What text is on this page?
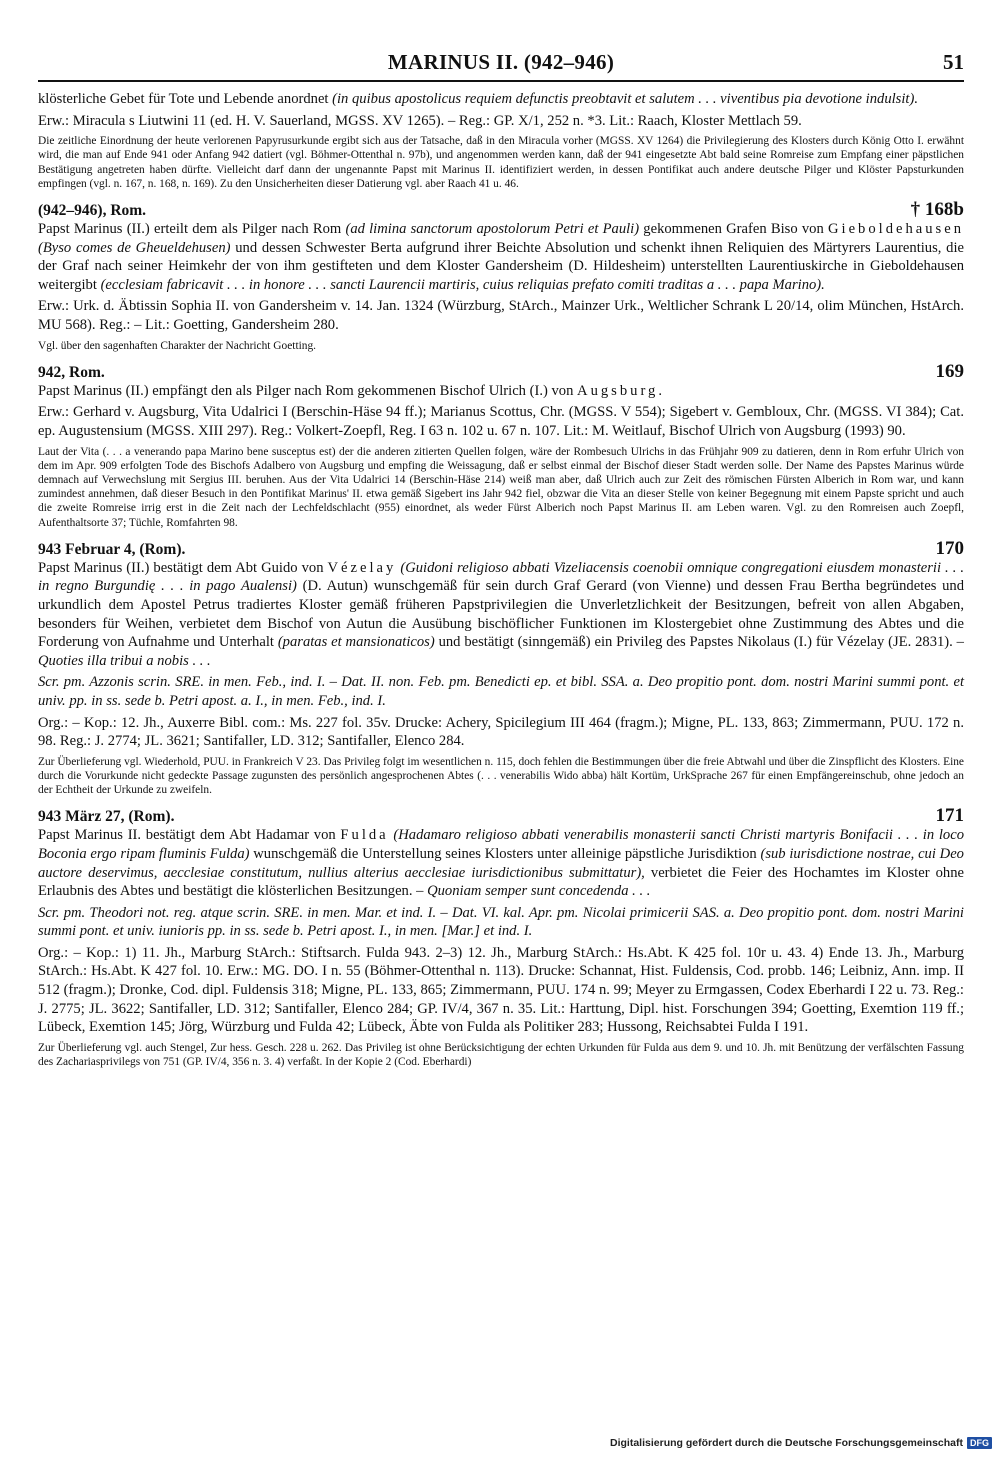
MARINUS II. (942–946)	51

klösterliche Gebet für Tote und Lebende anordnet (in quibus apostolicus requiem defunctis preobtavit et salutem . . . viventibus pia devotione indulsit).

Erw.: Miracula s Liutwini 11 (ed. H. V. Sauerland, MGSS. XV 1265). – Reg.: GP. X/1, 252 n. *3. Lit.: Raach, Kloster Mettlach 59.

Die zeitliche Einordnung der heute verlorenen Papyrusurkunde ergibt sich aus der Tatsache, daß in den Miracula vorher (MGSS. XV 1264) die Privilegierung des Klosters durch König Otto I. erwähnt wird, die man auf Ende 941 oder Anfang 942 datiert (vgl. Böhmer-Ottenthal n. 97b), und angenommen werden kann, daß der 941 eingesetzte Abt bald seine Romreise zum Empfang einer päpstlichen Bestätigung angetreten haben dürfte. Vielleicht darf dann der ungenannte Papst mit Marinus II. identifiziert werden, in dessen Pontifikat auch andere deutsche Pilger und Klöster Papsturkunden empfingen (vgl. n. 167, n. 168, n. 169). Zu den Unsicherheiten dieser Datierung vgl. aber Raach 41 u. 46.

(942–946), Rom.	† 168b

Papst Marinus (II.) erteilt dem als Pilger nach Rom (ad limina sanctorum apostolorum Petri et Pauli) gekommenen Grafen Biso von Gieboldehausen (Byso comes de Gheueldehusen) und dessen Schwester Berta aufgrund ihrer Beichte Absolution und schenkt ihnen Reliquien des Märtyrers Laurentius, die der Graf nach seiner Heimkehr der von ihm gestifteten und dem Kloster Gandersheim (D. Hildesheim) unterstellten Laurentiuskirche in Gieboldehausen weitergibt (ecclesiam fabricavit . . . in honore . . . sancti Laurencii martiris, cuius reliquias prefato comiti traditas a . . . papa Marino).

Erw.: Urk. d. Äbtissin Sophia II. von Gandersheim v. 14. Jan. 1324 (Würzburg, StArch., Mainzer Urk., Weltlicher Schrank L 20/14, olim München, HstArch. MU 568). Reg.: – Lit.: Goetting, Gandersheim 280.

Vgl. über den sagenhaften Charakter der Nachricht Goetting.

942, Rom.	169

Papst Marinus (II.) empfängt den als Pilger nach Rom gekommenen Bischof Ulrich (I.) von Augsburg.

Erw.: Gerhard v. Augsburg, Vita Udalrici I (Berschin-Häse 94 ff.); Marianus Scottus, Chr. (MGSS. V 554); Sigebert v. Gembloux, Chr. (MGSS. VI 384); Cat. ep. Augustensium (MGSS. XIII 297). Reg.: Volkert-Zoepfl, Reg. I 63 n. 102 u. 67 n. 107. Lit.: M. Weitlauf, Bischof Ulrich von Augsburg (1993) 90.

Laut der Vita (. . . a venerando papa Marino bene susceptus est) der die anderen zitierten Quellen folgen, wäre der Rombesuch Ulrichs in das Frühjahr 909 zu datieren, denn in Rom erfuhr Ulrich von dem im Apr. 909 erfolgten Tode des Bischofs Adalbero von Augsburg und empfing die Weissagung, daß er selbst einmal der Bischof dieser Stadt werden solle. Der Name des Papstes Marinus würde demnach auf Verwechslung mit Sergius III. beruhen. Aus der Vita Udalrici 14 (Berschin-Häse 214) weiß man aber, daß Ulrich auch zur Zeit des römischen Fürsten Alberich in Rom war, und kann zumindest annehmen, daß dieser Besuch in den Pontifikat Marinus' II. etwa gemäß Sigebert ins Jahr 942 fiel, obzwar die Vita an dieser Stelle von keiner Begegnung mit einem Papste spricht und auch die zweite Romreise irrig erst in die Zeit nach der Lechfeldschlacht (955) einordnet, als weder Fürst Alberich noch Papst Marinus II. am Leben waren. Vgl. zu den Romreisen auch Zoepfl, Aufenthaltsorte 37; Tüchle, Romfahrten 98.

943 Februar 4, (Rom).	170

Papst Marinus (II.) bestätigt dem Abt Guido von Vézelay (Guidoni religioso abbati Vizeliacensis coenobii omnique congregationi eiusdem monasterii . . . in regno Burgundię . . . in pago Aualensi) (D. Autun) wunschgemäß für sein durch Graf Gerard (von Vienne) und dessen Frau Bertha begründetes und urkundlich dem Apostel Petrus tradiertes Kloster gemäß früheren Papstprivilegien die Unverletzlichkeit der Besitzungen, befreit von allen Abgaben, besonders für Weihen, verbietet dem Bischof von Autun die Ausübung bischöflicher Funktionen im Klostergebiet ohne Zustimmung des Abtes und die Forderung von Aufnahme und Unterhalt (paratas et mansionaticos) und bestätigt (sinngemäß) ein Privileg des Papstes Nikolaus (I.) für Vézelay (JE. 2831). – Quoties illa tribui a nobis . . .

Scr. pm. Azzonis scrin. SRE. in men. Feb., ind. I. – Dat. II. non. Feb. pm. Benedicti ep. et bibl. SSA. a. Deo propitio pont. dom. nostri Marini summi pont. et univ. pp. in ss. sede b. Petri apost. a. I., in men. Feb., ind. I.

Org.: – Kop.: 12. Jh., Auxerre Bibl. com.: Ms. 227 fol. 35v. Drucke: Achery, Spicilegium III 464 (fragm.); Migne, PL. 133, 863; Zimmermann, PUU. 172 n. 98. Reg.: J. 2774; JL. 3621; Santifaller, LD. 312; Santifaller, Elenco 284.

Zur Überlieferung vgl. Wiederhold, PUU. in Frankreich V 23. Das Privileg folgt im wesentlichen n. 115, doch fehlen die Bestimmungen über die freie Abtwahl und über die Zinspflicht des Klosters. Eine durch die Vorurkunde nicht gedeckte Passage zugunsten des persönlich angesprochenen Abtes (. . . venerabilis Wido abba) hält Kortüm, UrkSprache 267 für einen Empfängereinschub, ohne jedoch an der Echtheit der Urkunde zu zweifeln.

943 März 27, (Rom).	171

Papst Marinus II. bestätigt dem Abt Hadamar von Fulda (Hadamaro religioso abbati venerabilis monasterii sancti Christi martyris Bonifacii . . . in loco Boconia ergo ripam fluminis Fulda) wunschgemäß die Unterstellung seines Klosters unter alleinige päpstliche Jurisdiktion (sub iurisdictione nostrae, cui Deo auctore deservimus, aecclesiae constitutum, nullius alterius aecclesiae iurisdictionibus submittatur), verbietet die Feier des Hochamtes im Kloster ohne Erlaubnis des Abtes und bestätigt die klösterlichen Besitzungen. – Quoniam semper sunt concedenda . . .

Scr. pm. Theodori not. reg. atque scrin. SRE. in men. Mar. et ind. I. – Dat. VI. kal. Apr. pm. Nicolai primicerii SAS. a. Deo propitio pont. dom. nostri Marini summi pont. et univ. iunioris pp. in ss. sede b. Petri apost. I., in men. [Mar.] et ind. I.

Org.: – Kop.: 1) 11. Jh., Marburg StArch.: Stiftsarch. Fulda 943. 2–3) 12. Jh., Marburg StArch.: Hs.Abt. K 425 fol. 10r u. 43. 4) Ende 13. Jh., Marburg StArch.: Hs.Abt. K 427 fol. 10. Erw.: MG. DO. I n. 55 (Böhmer-Ottenthal n. 113). Drucke: Schannat, Hist. Fuldensis, Cod. probb. 146; Leibniz, Ann. imp. II 512 (fragm.); Dronke, Cod. dipl. Fuldensis 318; Migne, PL. 133, 865; Zimmermann, PUU. 174 n. 99; Meyer zu Ermgassen, Codex Eberhardi I 22 u. 73. Reg.: J. 2775; JL. 3622; Santifaller, LD. 312; Santifaller, Elenco 284; GP. IV/4, 367 n. 35. Lit.: Harttung, Dipl. hist. Forschungen 394; Goetting, Exemtion 119 ff.; Lübeck, Exemtion 145; Jörg, Würzburg und Fulda 42; Lübeck, Äbte von Fulda als Politiker 283; Hussong, Reichsabtei Fulda I 191.

Zur Überlieferung vgl. auch Stengel, Zur hess. Gesch. 228 u. 262. Das Privileg ist ohne Berücksichtigung der echten Urkunden für Fulda aus dem 9. und 10. Jh. mit Benützung der verfälschten Fassung des Zachariasprivilegs von 751 (GP. IV/4, 356 n. 3. 4) verfaßt. In der Kopie 2 (Cod. Eberhardi)

Digitalisierung gefördert durch die Deutsche Forschungsgemeinschaft DFG
